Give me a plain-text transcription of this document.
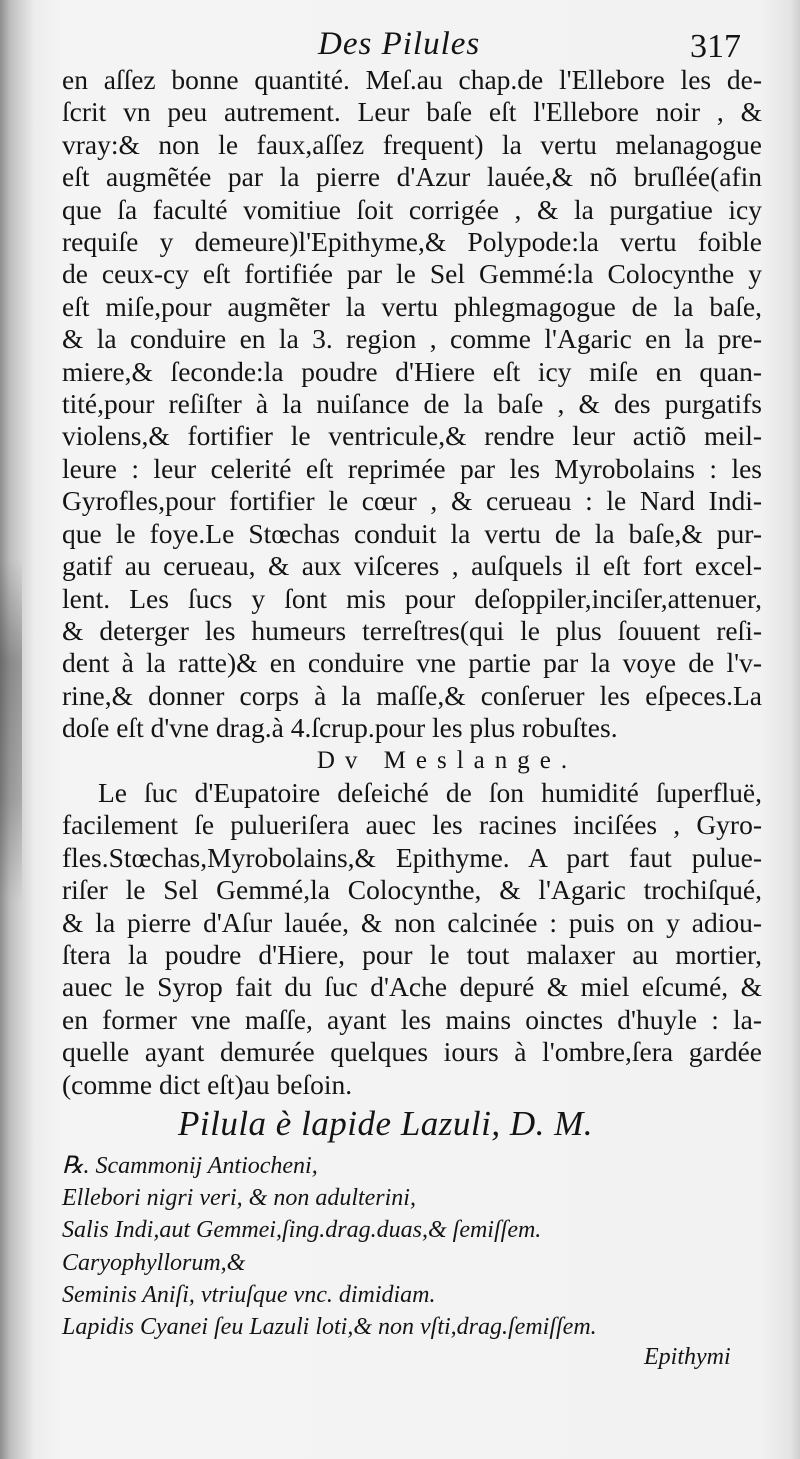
Des Pilules	317
en aſſez bonne quantité. Meſ.au chap.de l'Ellebore les de-
ſcrit vn peu autrement. Leur baſe eſt l'Ellebore noir , &
vray:& non le faux,aſſez frequent) la vertu melanagogue
eſt augmẽtée par la pierre d'Azur lauée,& nõ bruſlée(afin
que ſa faculté vomitiue ſoit corrigée , & la purgatiue icy
requiſe y demeure)l'Epithyme,& Polypode:la vertu foible
de ceux-cy eſt fortifiée par le Sel Gemmé:la Colocynthe y
eſt miſe,pour augmẽter la vertu phlegmagogue de la baſe,
& la conduire en la 3. region , comme l'Agaric en la pre-
miere,& ſeconde:la poudre d'Hiere eſt icy miſe en quan-
tité,pour reſiſter à la nuiſance de la baſe , & des purgatifs
violens,& fortifier le ventricule,& rendre leur actiõ meil-
leure : leur celerité eſt reprimée par les Myrobolains : les
Gyrofles,pour fortifier le cœur , & cerueau : le Nard Indi-
que le foye.Le Stœchas conduit la vertu de la baſe,& pur-
gatif au cerueau, & aux viſceres , auſquels il eſt fort excel-
lent. Les ſucs y ſont mis pour deſoppiler,inciſer,attenuer,
& deterger les humeurs terreſtres(qui le plus ſouuent reſi-
dent à la ratte)& en conduire vne partie par la voye de l'v-
rine,& donner corps à la maſſe,& conſeruer les eſpeces.La
doſe eſt d'vne drag.à 4.ſcrup.pour les plus robuſtes.
Dv Meslange.
Le ſuc d'Eupatoire deſeiché de ſon humidité ſuperfluë,
facilement ſe pulueriſera auec les racines inciſées , Gyro-
fles.Stœchas,Myrobolains,& Epithyme. A part faut pulue-
riſer le Sel Gemmé,la Colocynthe, & l'Agaric trochiſqué,
& la pierre d'Aſur lauée, & non calcinée : puis on y adiou-
ſtera la poudre d'Hiere, pour le tout malaxer au mortier,
auec le Syrop fait du ſuc d'Ache depuré & miel eſcumé, &
en former vne maſſe, ayant les mains oinctes d'huyle : la-
quelle ayant demurée quelques iours à l'ombre,ſera gardée
(comme dict eſt)au beſoin.
Pilula è lapide Lazuli, D. M.
℞. Scammonij Antiocheni,
Ellebori nigri veri, & non adulterini,
Salis Indi,aut Gemmei,ſing.drag.duas,& ſemiſſem.
Caryophyllorum,&
Seminis Aniſi, vtriuſque vnc. dimidiam.
Lapidis Cyanei ſeu Lazuli loti,& non vſti,drag.ſemiſſem.
Epithymi
